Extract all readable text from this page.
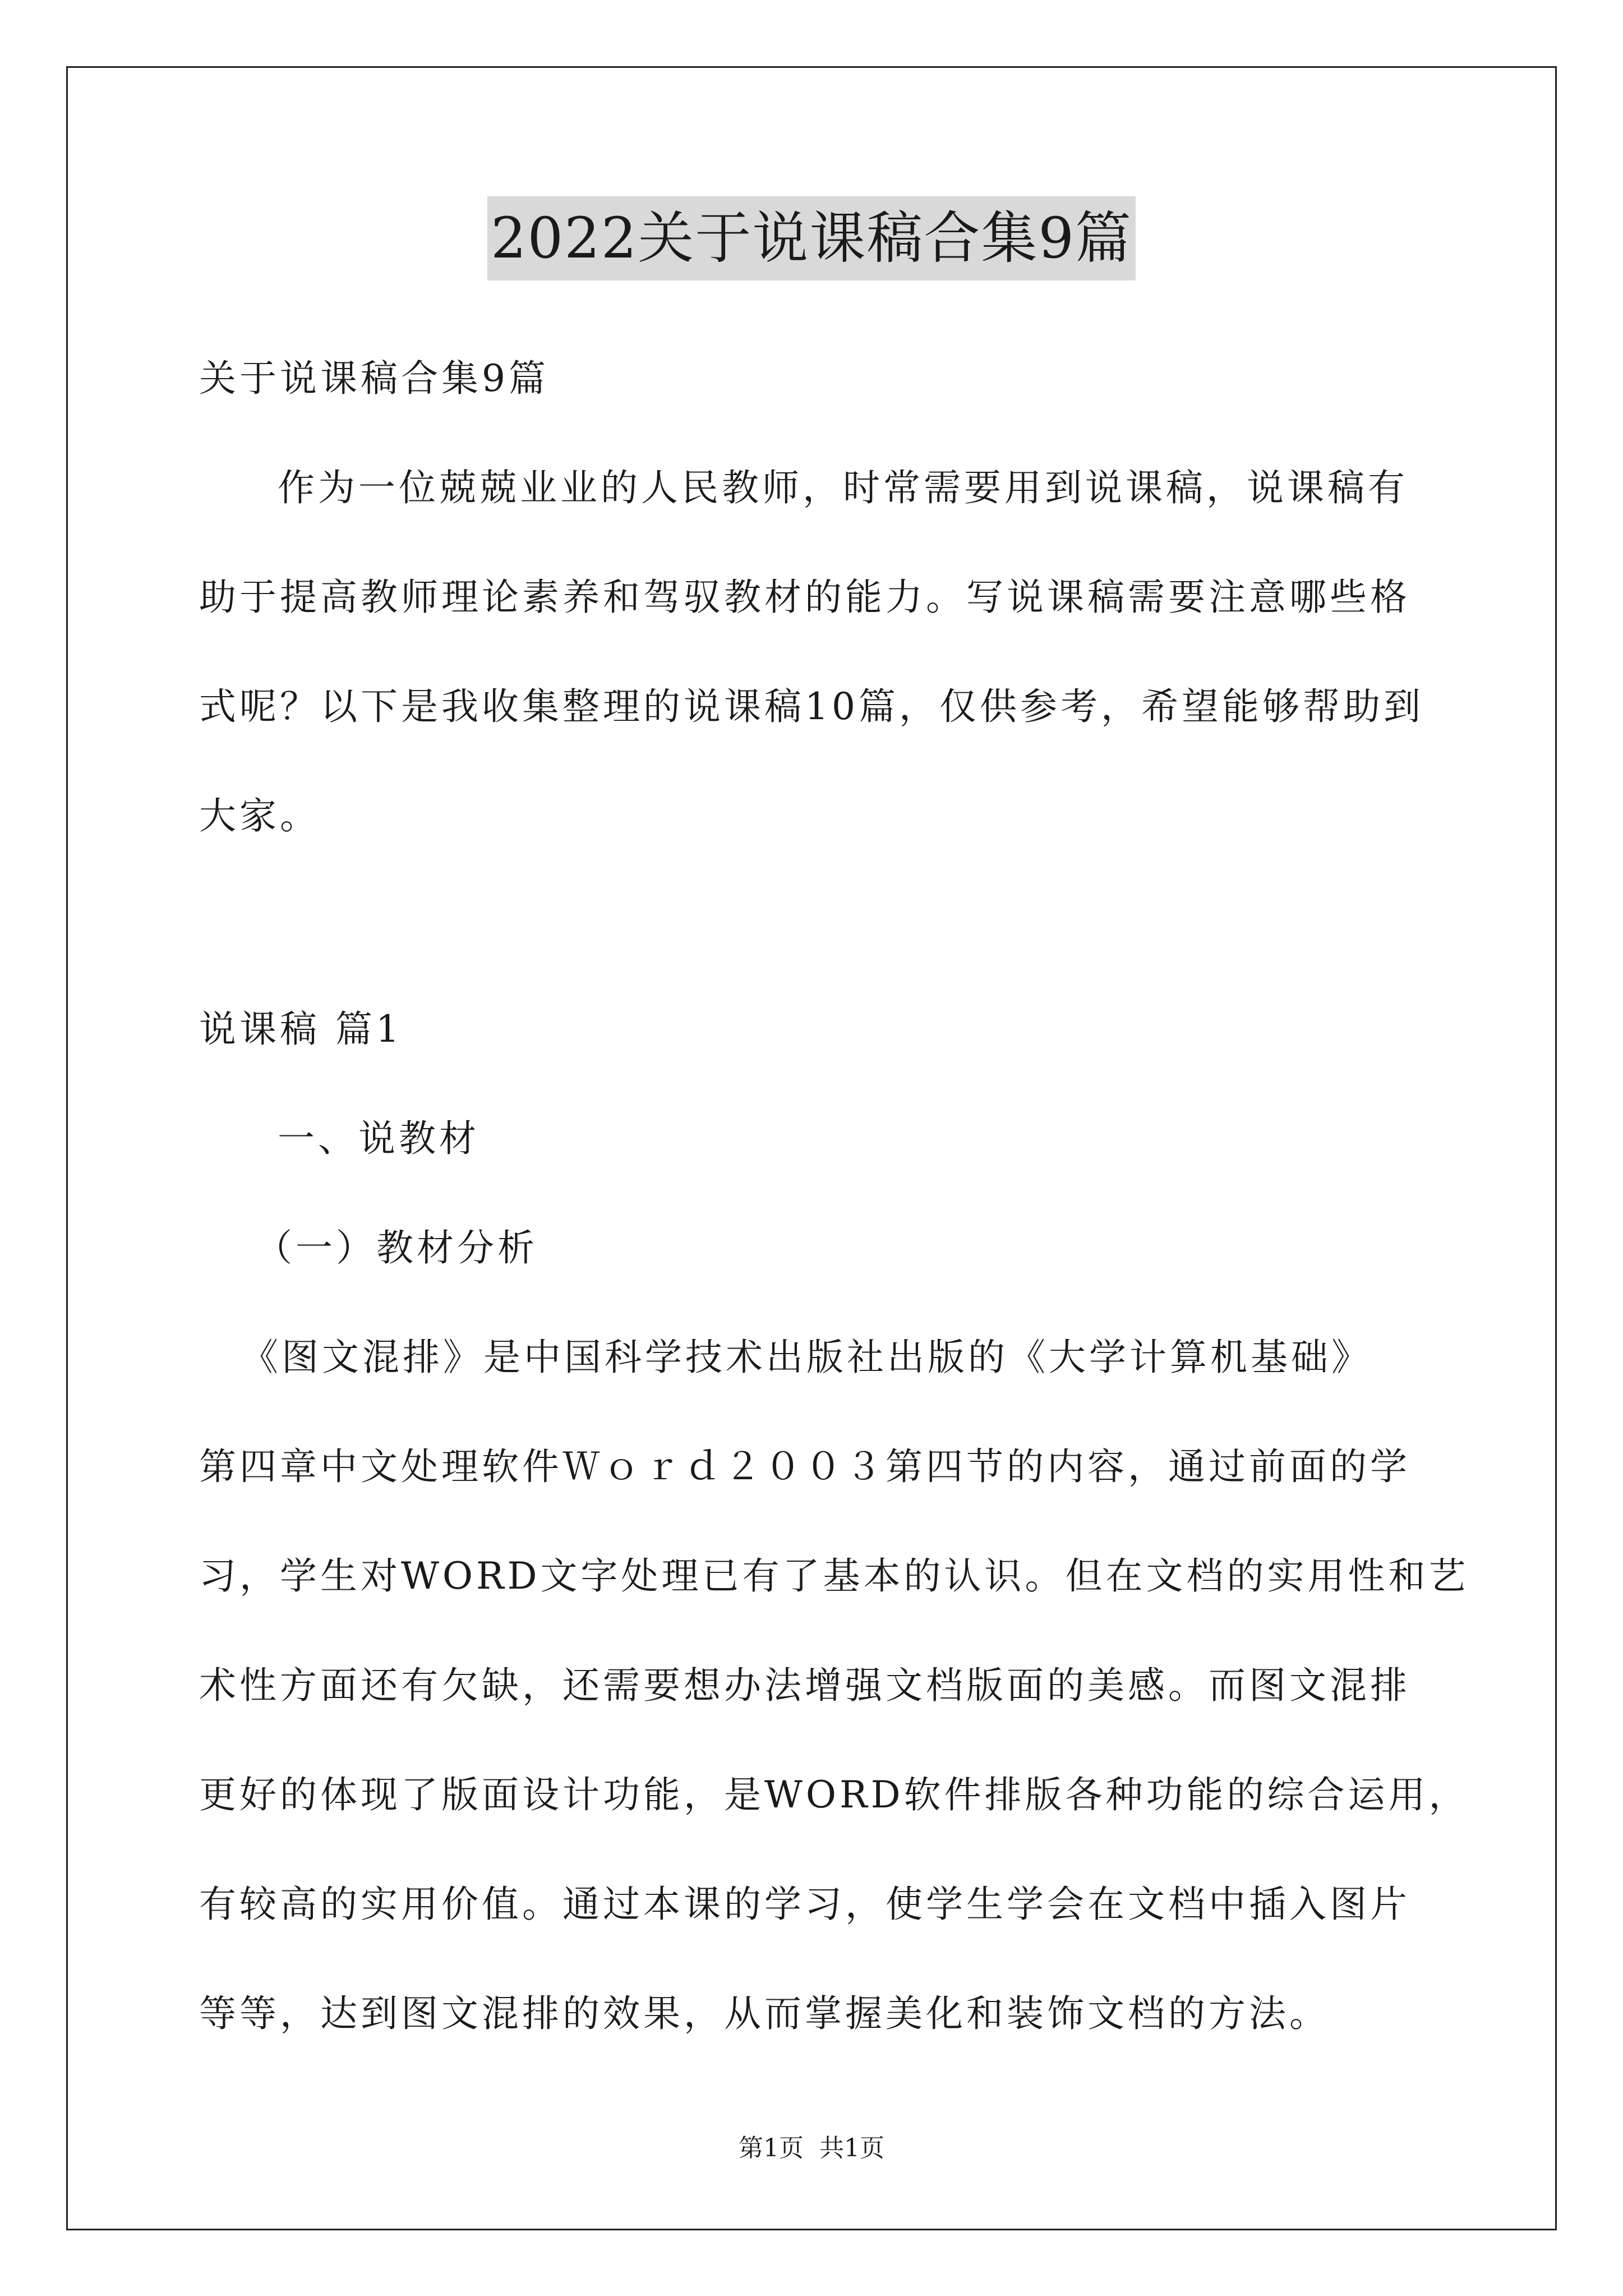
2022关于说课稿合集9篇
关于说课稿合集9篇
作为一位兢兢业业的人民教师，时常需要用到说课稿，说课稿有
助于提高教师理论素养和驾驭教材的能力。写说课稿需要注意哪些格
式呢？以下是我收集整理的说课稿10篇，仅供参考，希望能够帮助到
大家。
说课稿 篇1
一、说教材
（一）教材分析
《图文混排》是中国科学技术出版社出版的《大学计算机基础》
第四章中文处理软件Ｗｏｒｄ２００３第四节的内容，通过前面的学
习，学生对WORD文字处理已有了基本的认识。但在文档的实用性和艺
术性方面还有欠缺，还需要想办法增强文档版面的美感。而图文混排
更好的体现了版面设计功能，是WORD软件排版各种功能的综合运用，
有较高的实用价值。通过本课的学习，使学生学会在文档中插入图片
等等，达到图文混排的效果，从而掌握美化和装饰文档的方法。
第1页  共1页
